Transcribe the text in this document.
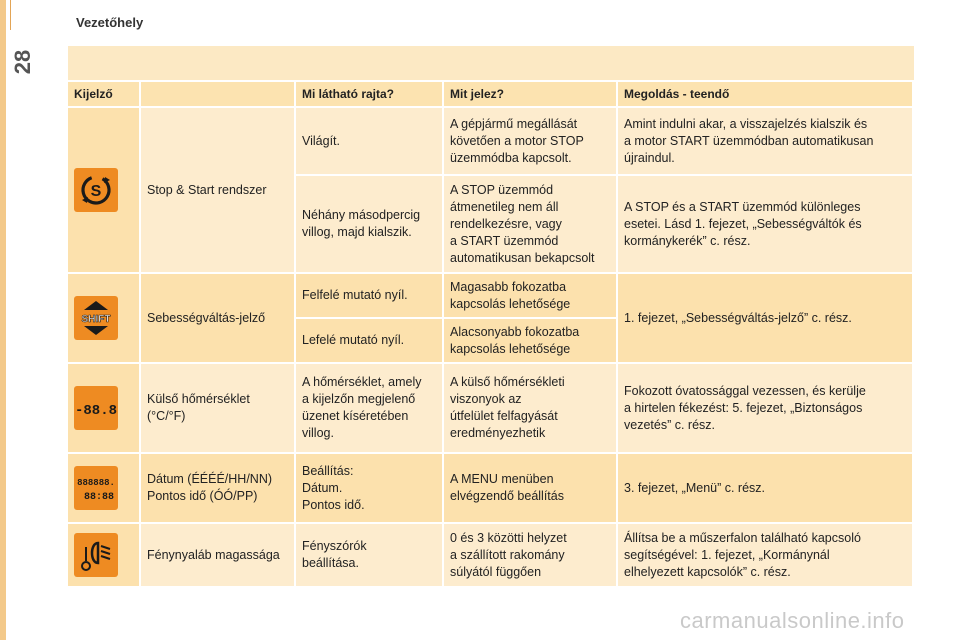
Vezetőhely
28
Kijelző		Mi látható rajta?	Mit jelez?	Megoldás - teendő

S	Stop & Start rendszer	Világít.	A gépjármű megállását
követően a motor STOP
üzemmódba kapcsolt.	Amint indulni akar, a visszajelzés kialszik és
a motor START üzemmódban automatikusan
újraindul.
		Néhány másodpercig
villog, majd kialszik.	A STOP üzemmód
átmenetileg nem áll
rendelkezésre, vagy
a START üzemmód
automatikusan bekapcsolt	A STOP és a START üzemmód különleges
esetei. Lásd 1. fejezet, „Sebességváltók és
kormánykerék” c. rész.

SHIFT	Sebességváltás-jelző	Felfelé mutató nyíl.	Magasabb fokozatba
kapcsolás lehetősége	1. fejezet, „Sebességváltás-jelző” c. rész.
		Lefelé mutató nyíl.	Alacsonyabb fokozatba
kapcsolás lehetősége	

-88.8	Külső hőmérséklet
(°C/°F)	A hőmérséklet, amely
a kijelzőn megjelenő
üzenet kíséretében
villog.	A külső hőmérsékleti
viszonyok az
útfelület felfagyását
eredményezhetik	Fokozott óvatossággal vezessen, és kerülje
a hirtelen fékezést: 5. fejezet, „Biztonságos
vezetés” c. rész.

888888.
88:88	Dátum (ÉÉÉÉ/HH/NN)
Pontos idő (ÓÓ/PP)	Beállítás:
Dátum.
Pontos idő.	A MENU menüben
elvégzendő beállítás	3. fejezet, „Menü” c. rész.

	Fénynyaláb magassága	Fényszórók
beállítása.	0 és 3 közötti helyzet
a szállított rakomány
súlyától függően	Állítsa be a műszerfalon található kapcsoló
segítségével: 1. fejezet, „Kormánynál
elhelyezett kapcsolók” c. rész.
carmanualsonline.info
